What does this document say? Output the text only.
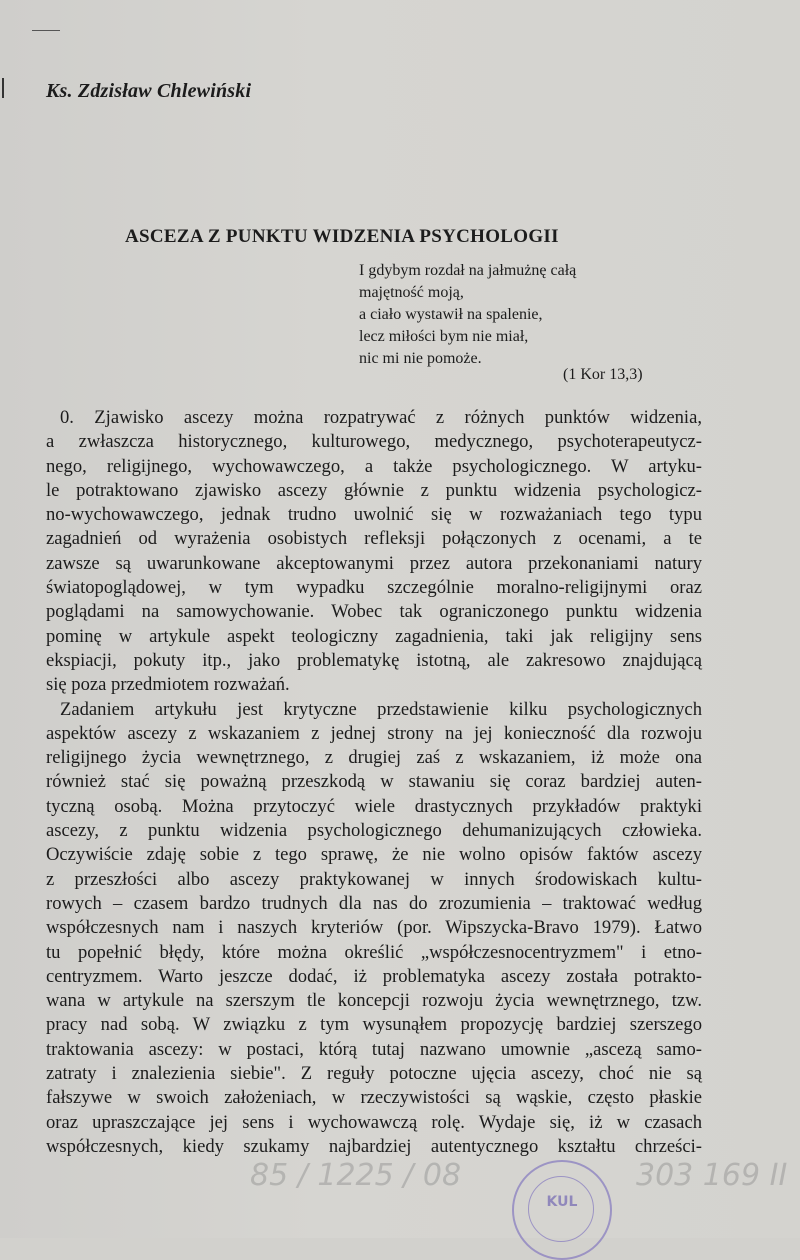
Ks. Zdzisław Chlewiński
ASCEZA Z PUNKTU WIDZENIA PSYCHOLOGII
I gdybym rozdał na jałmużnę całą
majętność moją,
a ciało wystawił na spalenie,
lecz miłości bym nie miał,
nic mi nie pomoże.
(1 Kor 13,3)
0. Zjawisko ascezy można rozpatrywać z różnych punktów widzenia,
a zwłaszcza historycznego, kulturowego, medycznego, psychoterapeutycz-
nego, religijnego, wychowawczego, a także psychologicznego. W artyku-
le potraktowano zjawisko ascezy głównie z punktu widzenia psychologicz-
no-wychowawczego, jednak trudno uwolnić się w rozważaniach tego typu
zagadnień od wyrażenia osobistych refleksji połączonych z ocenami, a te
zawsze są uwarunkowane akceptowanymi przez autora przekonaniami natury
światopoglądowej, w tym wypadku szczególnie moralno-religijnymi oraz
poglądami na samowychowanie. Wobec tak ograniczonego punktu widzenia
pominę w artykule aspekt teologiczny zagadnienia, taki jak religijny sens
ekspiacji, pokuty itp., jako problematykę istotną, ale zakresowo znajdującą
się poza przedmiotem rozważań.
Zadaniem artykułu jest krytyczne przedstawienie kilku psychologicznych
aspektów ascezy z wskazaniem z jednej strony na jej konieczność dla rozwoju
religijnego życia wewnętrznego, z drugiej zaś z wskazaniem, iż może ona
również stać się poważną przeszkodą w stawaniu się coraz bardziej auten-
tyczną osobą. Można przytoczyć wiele drastycznych przykładów praktyki
ascezy, z punktu widzenia psychologicznego dehumanizujących człowieka.
Oczywiście zdaję sobie z tego sprawę, że nie wolno opisów faktów ascezy
z przeszłości albo ascezy praktykowanej w innych środowiskach kultu-
rowych – czasem bardzo trudnych dla nas do zrozumienia – traktować według
współczesnych nam i naszych kryteriów (por. Wipszycka-Bravo 1979). Łatwo
tu popełnić błędy, które można określić „współczesnocentryzmem" i etno-
centryzmem. Warto jeszcze dodać, iż problematyka ascezy została potrakto-
wana w artykule na szerszym tle koncepcji rozwoju życia wewnętrznego, tzw.
pracy nad sobą. W związku z tym wysunąłem propozycję bardziej szerszego
traktowania ascezy: w postaci, którą tutaj nazwano umownie „ascezą samo-
zatraty i znalezienia siebie". Z reguły potoczne ujęcia ascezy, choć nie są
fałszywe w swoich założeniach, w rzeczywistości są wąskie, często płaskie
oraz upraszczające jej sens i wychowawczą rolę. Wydaje się, iż w czasach
współczesnych, kiedy szukamy najbardziej autentycznego kształtu chrześci-
85 / 1225 / 08	303 169 II
KUL
